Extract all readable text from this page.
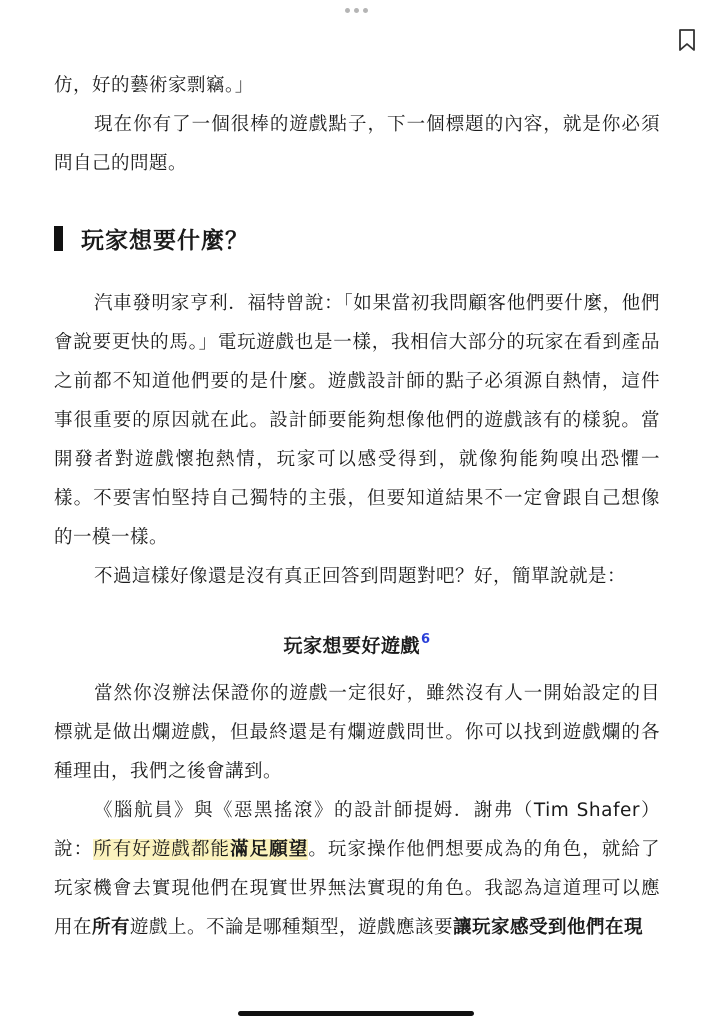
仿，好的藝術家剽竊。」

現在你有了一個很棒的遊戲點子，下一個標題的內容，就是你必須問自己的問題。

玩家想要什麼？

汽車發明家亨利．福特曾說：「如果當初我問顧客他們要什麼，他們會說要更快的馬。」電玩遊戲也是一樣，我相信大部分的玩家在看到產品之前都不知道他們要的是什麼。遊戲設計師的點子必須源自熱情，這件事很重要的原因就在此。設計師要能夠想像他們的遊戲該有的樣貌。當開發者對遊戲懷抱熱情，玩家可以感受得到，就像狗能夠嗅出恐懼一樣。不要害怕堅持自己獨特的主張，但要知道結果不一定會跟自己想像的一模一樣。

不過這樣好像還是沒有真正回答到問題對吧？好，簡單說就是：

玩家想要好遊戲$^6$

當然你沒辦法保證你的遊戲一定很好，雖然沒有人一開始設定的目標就是做出爛遊戲，但最終還是有爛遊戲問世。你可以找到遊戲爛的各種理由，我們之後會講到。

《腦航員》與《惡黑搖滾》的設計師提姆．謝弗（Tim Shafer）說：所有好遊戲都能滿足願望。玩家操作他們想要成為的角色，就給了玩家機會去實現他們在現實世界無法實現的角色。我認為這道理可以應用在所有遊戲上。不論是哪種類型，遊戲應該要讓玩家感受到他們在現
